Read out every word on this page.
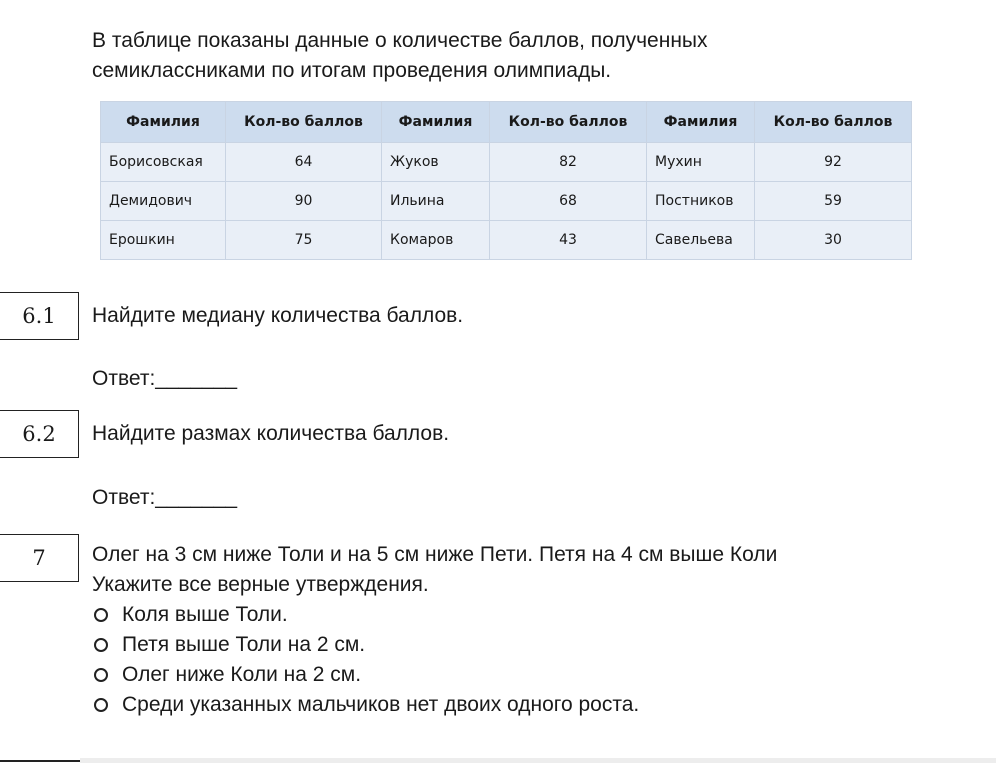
В таблице показаны данные о количестве баллов, полученных

семиклассниками по итогам проведения олимпиады.

Фамилия	Кол-во баллов	Фамилия	Кол-во баллов	Фамилия	Кол-во баллов
Борисовская	64	Жуков	82	Мухин	92
Демидович	90	Ильина	68	Постников	59
Ерошкин	75	Комаров	43	Савельева	30
6.1	Найдите медиану количества баллов.
Ответ:_______
6.2	Найдите размах количества баллов.
Ответ:_______
7	Олег на 3 см ниже Толи и на 5 см ниже Пети. Петя на 4 см выше Коли

Укажите все верные утверждения.

Коля выше Толи.
Петя выше Толи на 2 см.
Олег ниже Коли на 2 см.
Среди указанных мальчиков нет двоих одного роста.
